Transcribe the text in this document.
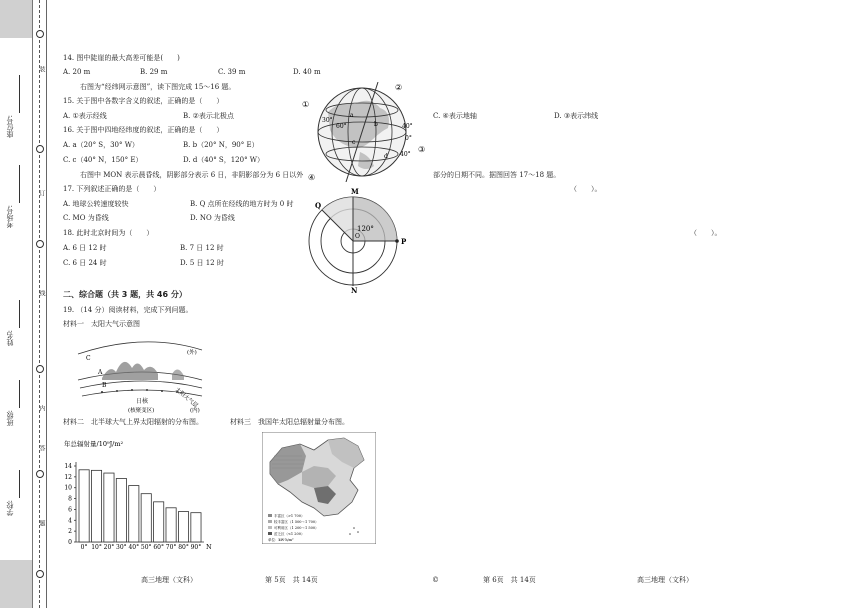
学校:
班级:
姓名:
考场号:
座位号:
装
订
线
内
答
题
14. 图中陡崖的最大高差可能是(　　)
A. 20 m	B. 29 m	C. 39 m	D. 40 m
右图为“经纬网示意图”，读下图完成 15～16 题。
15. 关于图中各数字含义的叙述，正确的是（　　）
A. ①表示经线	B. ②表示北极点	C. ④表示地轴	D. ③表示纬线
16. 关于图中四地经纬度的叙述，正确的是（　　）
A. a（20° S，30° W）	B. b（20° N，90° E）
C. c（40° N，150° E）	D. d（40° S，120° W）
右图中 MON 表示晨昏线，阴影部分表示 6 日，非阴影部分为 6 日以外	部分的日期不同。据图回答 17～18 题。
17. 下列叙述正确的是（　　）	（　　）。
A. 地球公转速度较快	B. Q 点所在经线的地方时为 0 时
C. MO 为昏线	D. NO 为昏线
18. 此时北京时间为（　　）	（　　）。
A. 6 日 12 时	B. 7 日 12 时
C. 6 日 24 时	D. 5 日 12 时
①
②
③
④
30°
60°	40°
0°
40°
a
b
c
d
M
Q
P
N
O
120°
二、综合题（共 3 题，共 46 分）
19. （14 分）阅读材料，完成下列问题。
材料一　太阳大气示意图
C
B
A
(外)
太阳大气层
日核
(核聚变区)	(内)
材料二　北半球大气上界太阳辐射的分布图。	材料三　我国年太阳总辐射量分布图。
年总辐射量/10⁹J/m²
0
2
4
6
8
10
12
14
0° 10° 20° 30° 40° 50° 60° 70° 80° 90° N
丰富区（>1 700）
较丰富区（1 500～1 700）
可利用区（1 200～1 500）
贫乏区（<1 200）
单位：kW·h/m²
高三地理（文科）	第 5页　共 14页	©	第 6页　共 14页	高三地理（文科）
